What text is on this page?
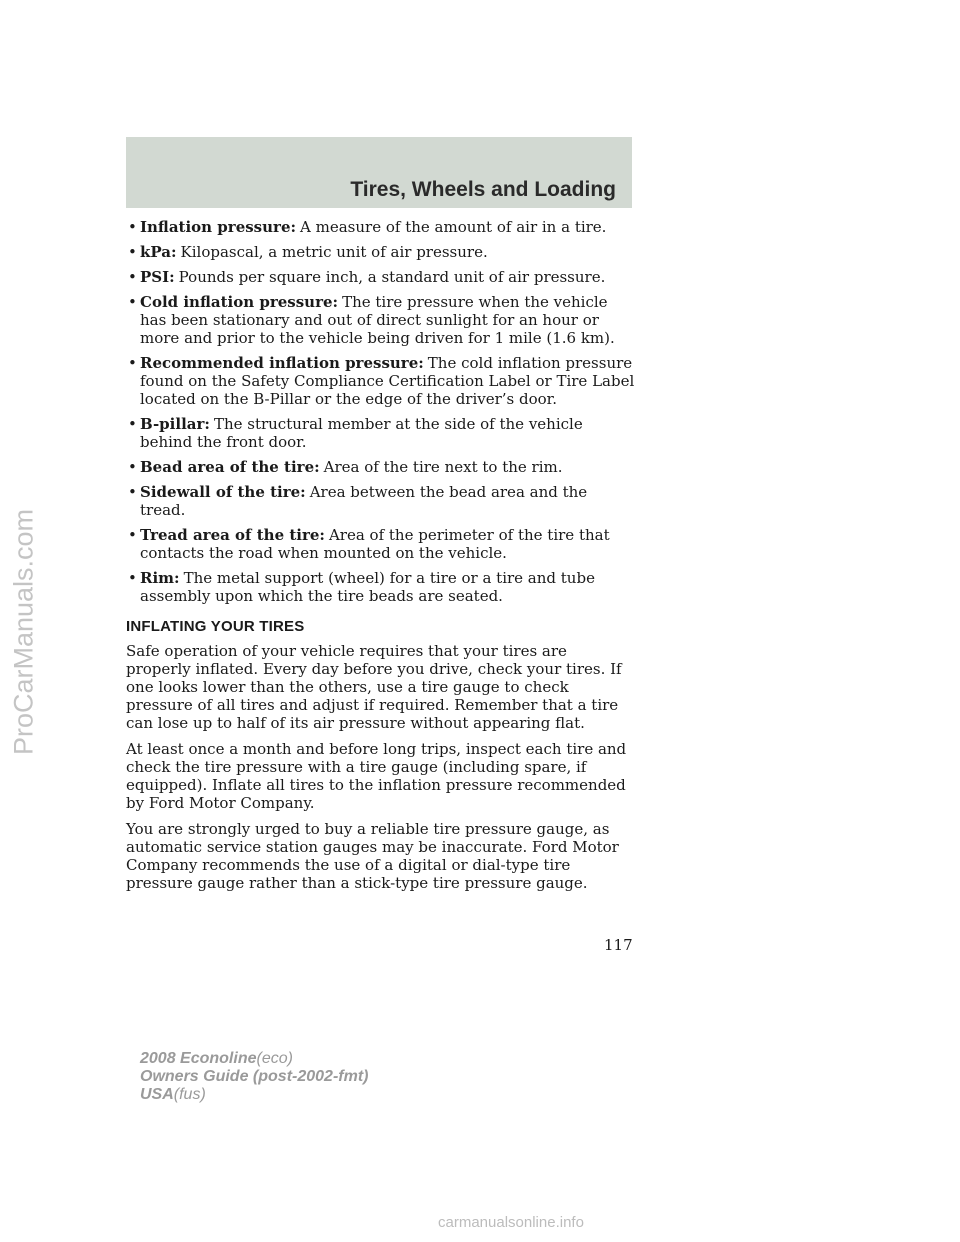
Tires, Wheels and Loading
• Inflation pressure: A measure of the amount of air in a tire.
• kPa: Kilopascal, a metric unit of air pressure.
• PSI: Pounds per square inch, a standard unit of air pressure.
• Cold inflation pressure: The tire pressure when the vehicle has been stationary and out of direct sunlight for an hour or more and prior to the vehicle being driven for 1 mile (1.6 km).
• Recommended inflation pressure: The cold inflation pressure found on the Safety Compliance Certification Label or Tire Label located on the B-Pillar or the edge of the driver’s door.
• B-pillar: The structural member at the side of the vehicle behind the front door.
• Bead area of the tire: Area of the tire next to the rim.
• Sidewall of the tire: Area between the bead area and the tread.
• Tread area of the tire: Area of the perimeter of the tire that contacts the road when mounted on the vehicle.
• Rim: The metal support (wheel) for a tire or a tire and tube assembly upon which the tire beads are seated.
INFLATING YOUR TIRES

Safe operation of your vehicle requires that your tires are properly inflated. Every day before you drive, check your tires. If one looks lower than the others, use a tire gauge to check pressure of all tires and adjust if required. Remember that a tire can lose up to half of its air pressure without appearing flat.

At least once a month and before long trips, inspect each tire and check the tire pressure with a tire gauge (including spare, if equipped). Inflate all tires to the inflation pressure recommended by Ford Motor Company.

You are strongly urged to buy a reliable tire pressure gauge, as automatic service station gauges may be inaccurate. Ford Motor Company recommends the use of a digital or dial-type tire pressure gauge rather than a stick-type tire pressure gauge.

117
2008 Econoline(eco)
Owners Guide (post-2002-fmt)
USA(fus)
ProCarManuals.com
carmanualsonline.info
